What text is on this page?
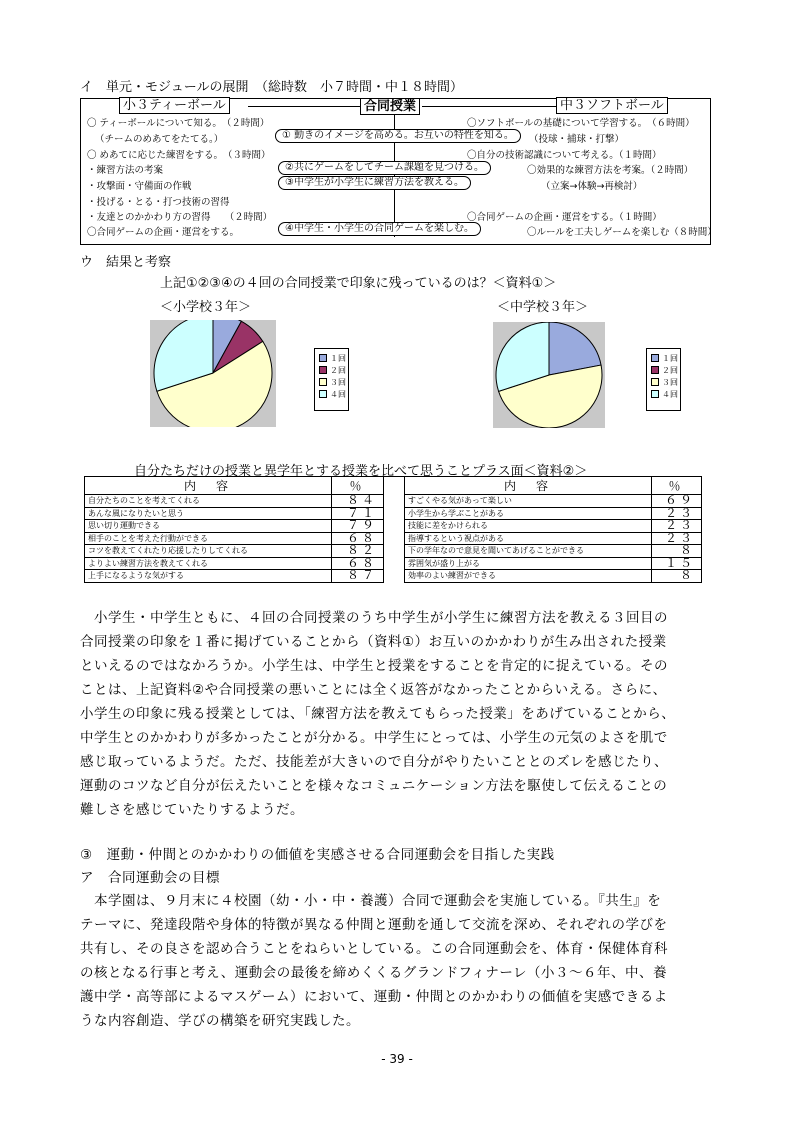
イ　単元・モジュールの展開　（総時数　小７時間・中１８時間）
小３ティーボール	合同授業	中３ソフトボール
〇 ティーボールについて知る。　（２時間）
（チームのめあてをたてる。）
〇 めあてに応じた練習をする。　（３時間）
・練習方法の考案
・攻撃面・守備面の作戦
・投げる・とる・打つ技術の習得
・友達とのかかわり方の習得　　（２時間）
〇合同ゲームの企画・運営をする。
① 動きのイメージを高める。お互いの特性を知る。
②共にゲームをしてチーム課題を見つける。
③中学生が小学生に練習方法を教える。
④中学生・小学生の合同ゲームを楽しむ。
〇ソフトボールの基礎について学習する。　（６時間）
（投球・捕球・打撃）
〇自分の技術認識について考える。（１時間）
〇効果的な練習方法を考案。（２時間）
（立案→体験→再検討）
〇合同ゲームの企画・運営をする。（１時間）
〇ルールを工夫しゲームを楽しむ（８時間）
ウ　結果と考察
上記①②③④の４回の合同授業で印象に残っているのは？＜資料①＞
＜小学校３年＞	＜中学校３年＞
１回
２回
３回
４回
１回
２回
３回
４回
自分たちだけの授業と異学年とする授業を比べて思うことプラス面＜資料②＞
内　容	％
自分たちのことを考えてくれる	８４
あんな風になりたいと思う	７１
思い切り運動できる	７９
相手のことを考えた行動ができる	６８
コツを教えてくれたり応援したりしてくれる	８２
よりよい練習方法を教えてくれる	６８
上手になるような気がする	８７
内　容	％
すごくやる気があって楽しい	６９
小学生から学ぶことがある	２３
技能に差をかけられる	２３
指導するという視点がある	２３
下の学年なので意見を聞いてあげることができる	８
雰囲気が盛り上がる	１５
効率のよい練習ができる	８
　小学生・中学生ともに、４回の合同授業のうち中学生が小学生に練習方法を教える３回目の
合同授業の印象を１番に掲げていることから（資料①）お互いのかかわりが生み出された授業
といえるのではなかろうか。小学生は、中学生と授業をすることを肯定的に捉えている。その
ことは、上記資料②や合同授業の悪いことには全く返答がなかったことからいえる。さらに、
小学生の印象に残る授業としては、「練習方法を教えてもらった授業」をあげていることから、
中学生とのかかわりが多かったことが分かる。中学生にとっては、小学生の元気のよさを肌で
感じ取っているようだ。ただ、技能差が大きいので自分がやりたいこととのズレを感じたり、
運動のコツなど自分が伝えたいことを様々なコミュニケーション方法を駆使して伝えることの
難しさを感じていたりするようだ。
③　運動・仲間とのかかわりの価値を実感させる合同運動会を目指した実践
ア　合同運動会の目標
　本学園は、９月末に４校園（幼・小・中・養護）合同で運動会を実施している。『共生』を
テーマに、発達段階や身体的特徴が異なる仲間と運動を通して交流を深め、それぞれの学びを
共有し、その良さを認め合うことをねらいとしている。この合同運動会を、体育・保健体育科
の核となる行事と考え、運動会の最後を締めくくるグランドフィナーレ（小３～６年、中、養
護中学・高等部によるマスゲーム）において、運動・仲間とのかかわりの価値を実感できるよ
うな内容創造、学びの構築を研究実践した。
- 39 -
